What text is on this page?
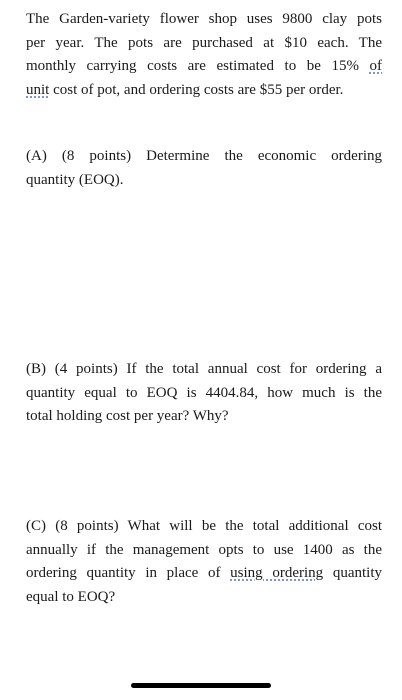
The Garden-variety flower shop uses 9800 clay pots
per year. The pots are purchased at $10 each. The
monthly carrying costs are estimated to be 15% of
unit cost of pot, and ordering costs are $55 per order.
(A) (8 points) Determine the economic ordering
quantity (EOQ).
(B) (4 points) If the total annual cost for ordering a
quantity equal to EOQ is 4404.84, how much is the
total holding cost per year? Why?
(C) (8 points) What will be the total additional cost
annually if the management opts to use 1400 as the
ordering quantity in place of using ordering quantity
equal to EOQ?
